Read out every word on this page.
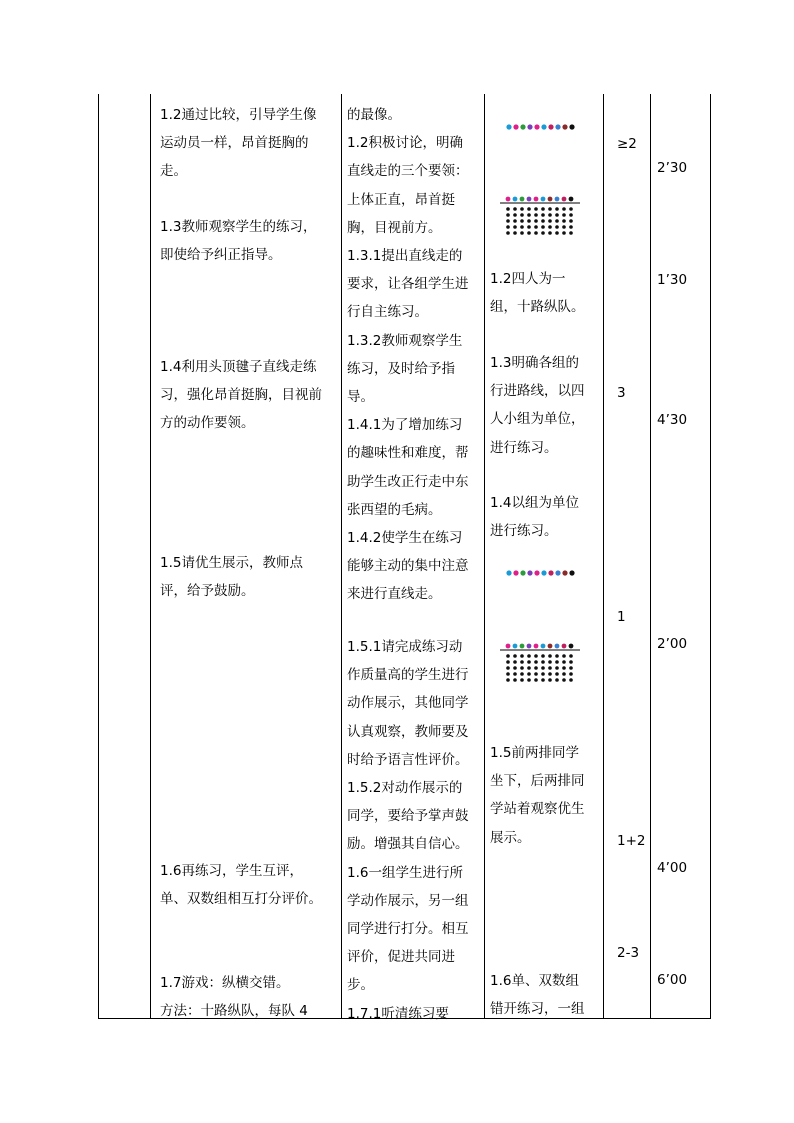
1.2通过比较，引导学生像
运动员一样，昂首挺胸的
走。
1.3教师观察学生的练习，
即使给予纠正指导。
1.4利用头顶毽子直线走练
习，强化昂首挺胸，目视前
方的动作要领。
1.5请优生展示，教师点
评，给予鼓励。
1.6再练习，学生互评，
单、双数组相互打分评价。
1.7游戏：纵横交错。
方法：十路纵队，每队 4
的最像。
1.2积极讨论，明确
直线走的三个要领：
上体正直，昂首挺
胸，目视前方。
1.3.1提出直线走的
要求，让各组学生进
行自主练习。
1.3.2教师观察学生
练习，及时给予指
导。
1.4.1为了增加练习
的趣味性和难度，帮
助学生改正行走中东
张西望的毛病。
1.4.2使学生在练习
能够主动的集中注意
来进行直线走。
1.5.1请完成练习动
作质量高的学生进行
动作展示，其他同学
认真观察，教师要及
时给予语言性评价。
1.5.2对动作展示的
同学，要给予掌声鼓
励。增强其自信心。
1.6一组学生进行所
学动作展示，另一组
同学进行打分。相互
评价，促进共同进
步。
1.7.1听清练习要
1.2四人为一
组，十路纵队。
1.3明确各组的
行进路线，以四
人小组为单位，
进行练习。
1.4以组为单位
进行练习。
1.5前两排同学
坐下，后两排同
学站着观察优生
展示。
1.6单、双数组
错开练习，一组
≥2
3
1
1+2
2-3
2’30
1’30
4’30
2’00
4’00
6’00
